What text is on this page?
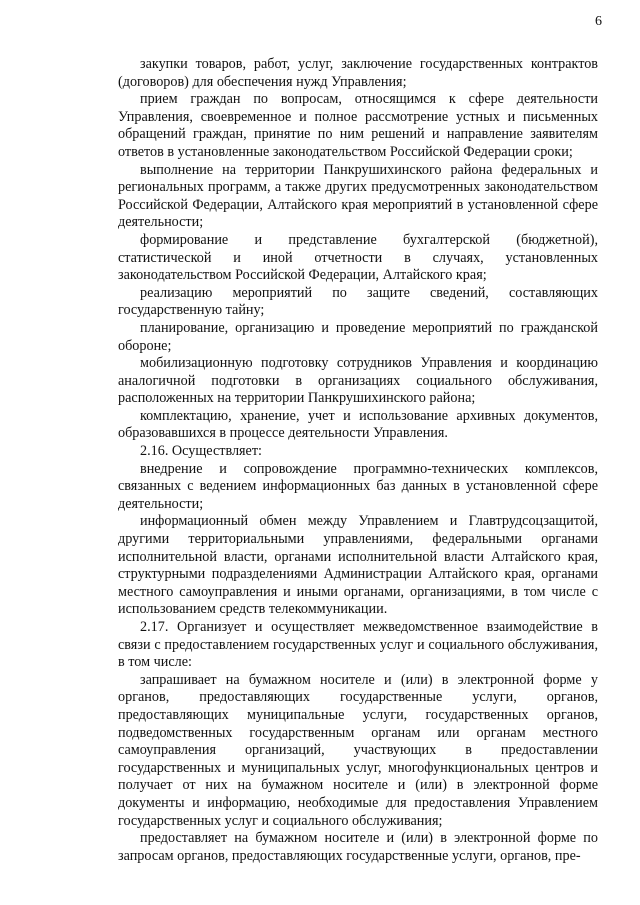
6

закупки товаров, работ, услуг, заключение государственных контрактов (договоров) для обеспечения нужд Управления;

прием граждан по вопросам, относящимся к сфере деятельности Управления, своевременное и полное рассмотрение устных и письменных обращений граждан, принятие по ним решений и направление заявителям ответов в установленные законодательством Российской Федерации сроки;

выполнение на территории Панкрушихинского района федеральных и региональных программ, а также других предусмотренных законодательством Российской Федерации, Алтайского края мероприятий в установленной сфере деятельности;

формирование и представление бухгалтерской (бюджетной), статистической и иной отчетности в случаях, установленных законодательством Российской Федерации, Алтайского края;

реализацию мероприятий по защите сведений, составляющих государственную тайну;

планирование, организацию и проведение мероприятий по гражданской обороне;

мобилизационную подготовку сотрудников Управления и координацию аналогичной подготовки в организациях социального обслуживания, расположенных на территории Панкрушихинского района;

комплектацию, хранение, учет и использование архивных документов, образовавшихся в процессе деятельности Управления.

2.16. Осуществляет:

внедрение и сопровождение программно-технических комплексов, связанных с ведением информационных баз данных в установленной сфере деятельности;

информационный обмен между Управлением и Главтрудсоцзащитой, другими территориальными управлениями, федеральными органами исполнительной власти, органами исполнительной власти Алтайского края, структурными подразделениями Администрации Алтайского края, органами местного самоуправления и иными органами, организациями, в том числе с использованием средств телекоммуникации.

2.17. Организует и осуществляет межведомственное взаимодействие в связи с предоставлением государственных услуг и социального обслуживания, в том числе:

запрашивает на бумажном носителе и (или) в электронной форме у органов, предоставляющих государственные услуги, органов, предоставляющих муниципальные услуги, государственных органов, подведомственных государственным органам или органам местного самоуправления организаций, участвующих в предоставлении государственных и муниципальных услуг, многофункциональных центров и получает от них на бумажном носителе и (или) в электронной форме документы и информацию, необходимые для предоставления Управлением государственных услуг и социального обслуживания;

предоставляет на бумажном носителе и (или) в электронной форме по запросам органов, предоставляющих государственные услуги, органов, пре-
